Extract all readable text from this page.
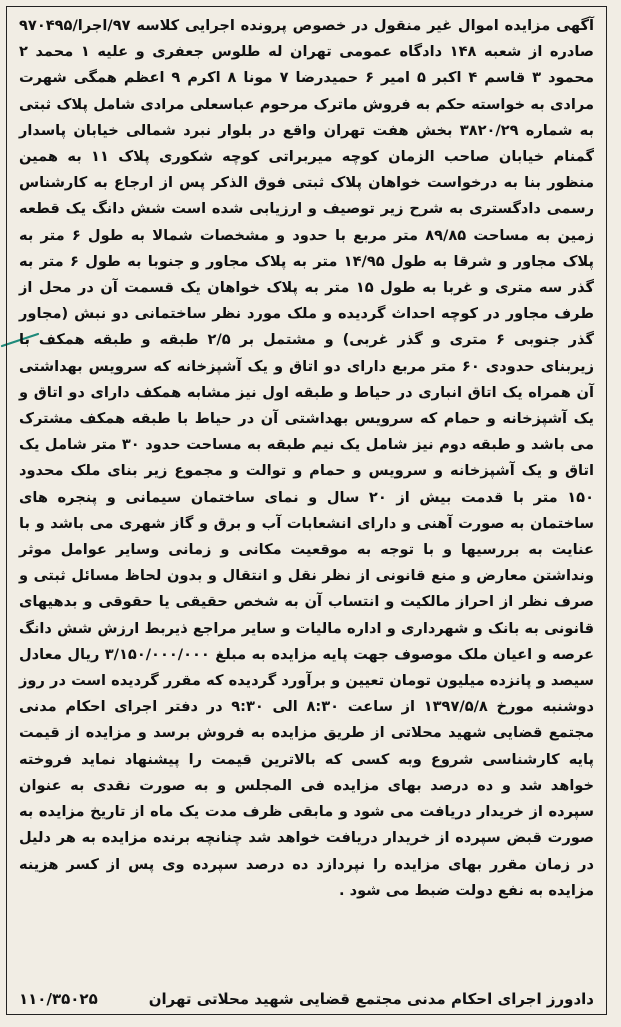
آگهی مزایده اموال غیر منقول در خصوص پرونده اجرایی کلاسه ۹۷/اجرا/۹۷۰۴۹۵ صادره از شعبه ۱۴۸ دادگاه عمومی تهران له طلوس جعفری و علیه ۱ محمد ۲ محمود ۳ قاسم ۴ اکبر ۵ امیر ۶ حمیدرضا ۷ مونا ۸ اکرم ۹ اعظم همگی شهرت مرادی به خواسته حکم به فروش ماترک مرحوم عباسعلی مرادی شامل پلاک ثبتی به شماره ۳۸۲۰/۲۹ بخش هفت تهران واقع در بلوار نبرد شمالی خیابان پاسدار گمنام خیابان صاحب الزمان کوچه میربراتی کوچه شکوری پلاک ۱۱ به همین منظور بنا به درخواست خواهان پلاک ثبتی فوق الذکر پس از ارجاع به کارشناس رسمی دادگستری به شرح زیر توصیف و ارزیابی شده است شش دانگ یک قطعه زمین به مساحت ۸۹/۸۵ متر مربع با حدود و مشخصات شمالا به طول ۶ متر به پلاک مجاور و شرقا به طول ۱۴/۹۵ متر به پلاک مجاور و جنوبا به طول ۶ متر به گذر سه متری و غربا به طول ۱۵ متر به پلاک خواهان یک قسمت آن در محل از طرف مجاور در کوچه احداث گردیده و ملک مورد نظر ساختمانی دو نبش (مجاور گذر جنوبی ۶ متری و گذر غربی) و مشتمل بر ۲/۵ طبقه و طبقه همکف با زیربنای حدودی ۶۰ متر مربع دارای دو اتاق و یک آشپزخانه که سرویس بهداشتی آن همراه یک اتاق انباری در حیاط و طبقه اول نیز مشابه همکف دارای دو اتاق و یک آشپزخانه و حمام که سرویس بهداشتی آن در حیاط با طبقه همکف مشترک می باشد و طبقه دوم نیز شامل یک نیم طبقه به مساحت حدود ۳۰ متر شامل یک اتاق و یک آشپزخانه و سرویس و حمام و توالت و مجموع زیر بنای ملک محدود ۱۵۰ متر با قدمت بیش از ۲۰ سال و نمای ساختمان سیمانی و پنجره های ساختمان به صورت آهنی و دارای انشعابات آب و برق و گاز شهری می باشد و با عنایت به بررسیها و با توجه به موقعیت مکانی و زمانی وسایر عوامل موثر ونداشتن معارض و منع قانونی از نظر نقل و انتقال و بدون لحاظ مسائل ثبتی و صرف نظر از احراز مالکیت و انتساب آن به شخص حقیقی یا حقوقی و بدهیهای قانونی به بانک و شهرداری و اداره مالیات و سایر مراجع ذیربط ارزش شش دانگ عرصه و اعیان ملک موصوف جهت پایه مزایده به مبلغ ۳/۱۵۰/۰۰۰/۰۰۰ ریال معادل سیصد و پانزده میلیون تومان تعیین و برآورد گردیده که مقرر گردیده است در روز دوشنبه مورخ ۱۳۹۷/۵/۸ از ساعت ۸:۳۰ الی ۹:۳۰ در دفتر اجرای احکام مدنی مجتمع قضایی شهید محلاتی از طریق مزایده به فروش برسد و مزایده از قیمت پایه کارشناسی شروع وبه کسی که بالاترین قیمت را پیشنهاد نماید فروخته خواهد شد و ده درصد بهای مزایده فی المجلس و به صورت نقدی به عنوان سپرده از خریدار دریافت می شود و مابقی ظرف مدت یک ماه از تاریخ مزایده به صورت قبض سپرده از خریدار دریافت خواهد شد چنانچه برنده مزایده به هر دلیل در زمان مقرر بهای مزایده را نپردازد ده درصد سپرده وی پس از کسر هزینه مزایده به نفع دولت ضبط می شود .

دادورز اجرای احکام مدنی مجتمع قضایی شهید محلاتی تهران
۱۱۰/۳۵۰۲۵
